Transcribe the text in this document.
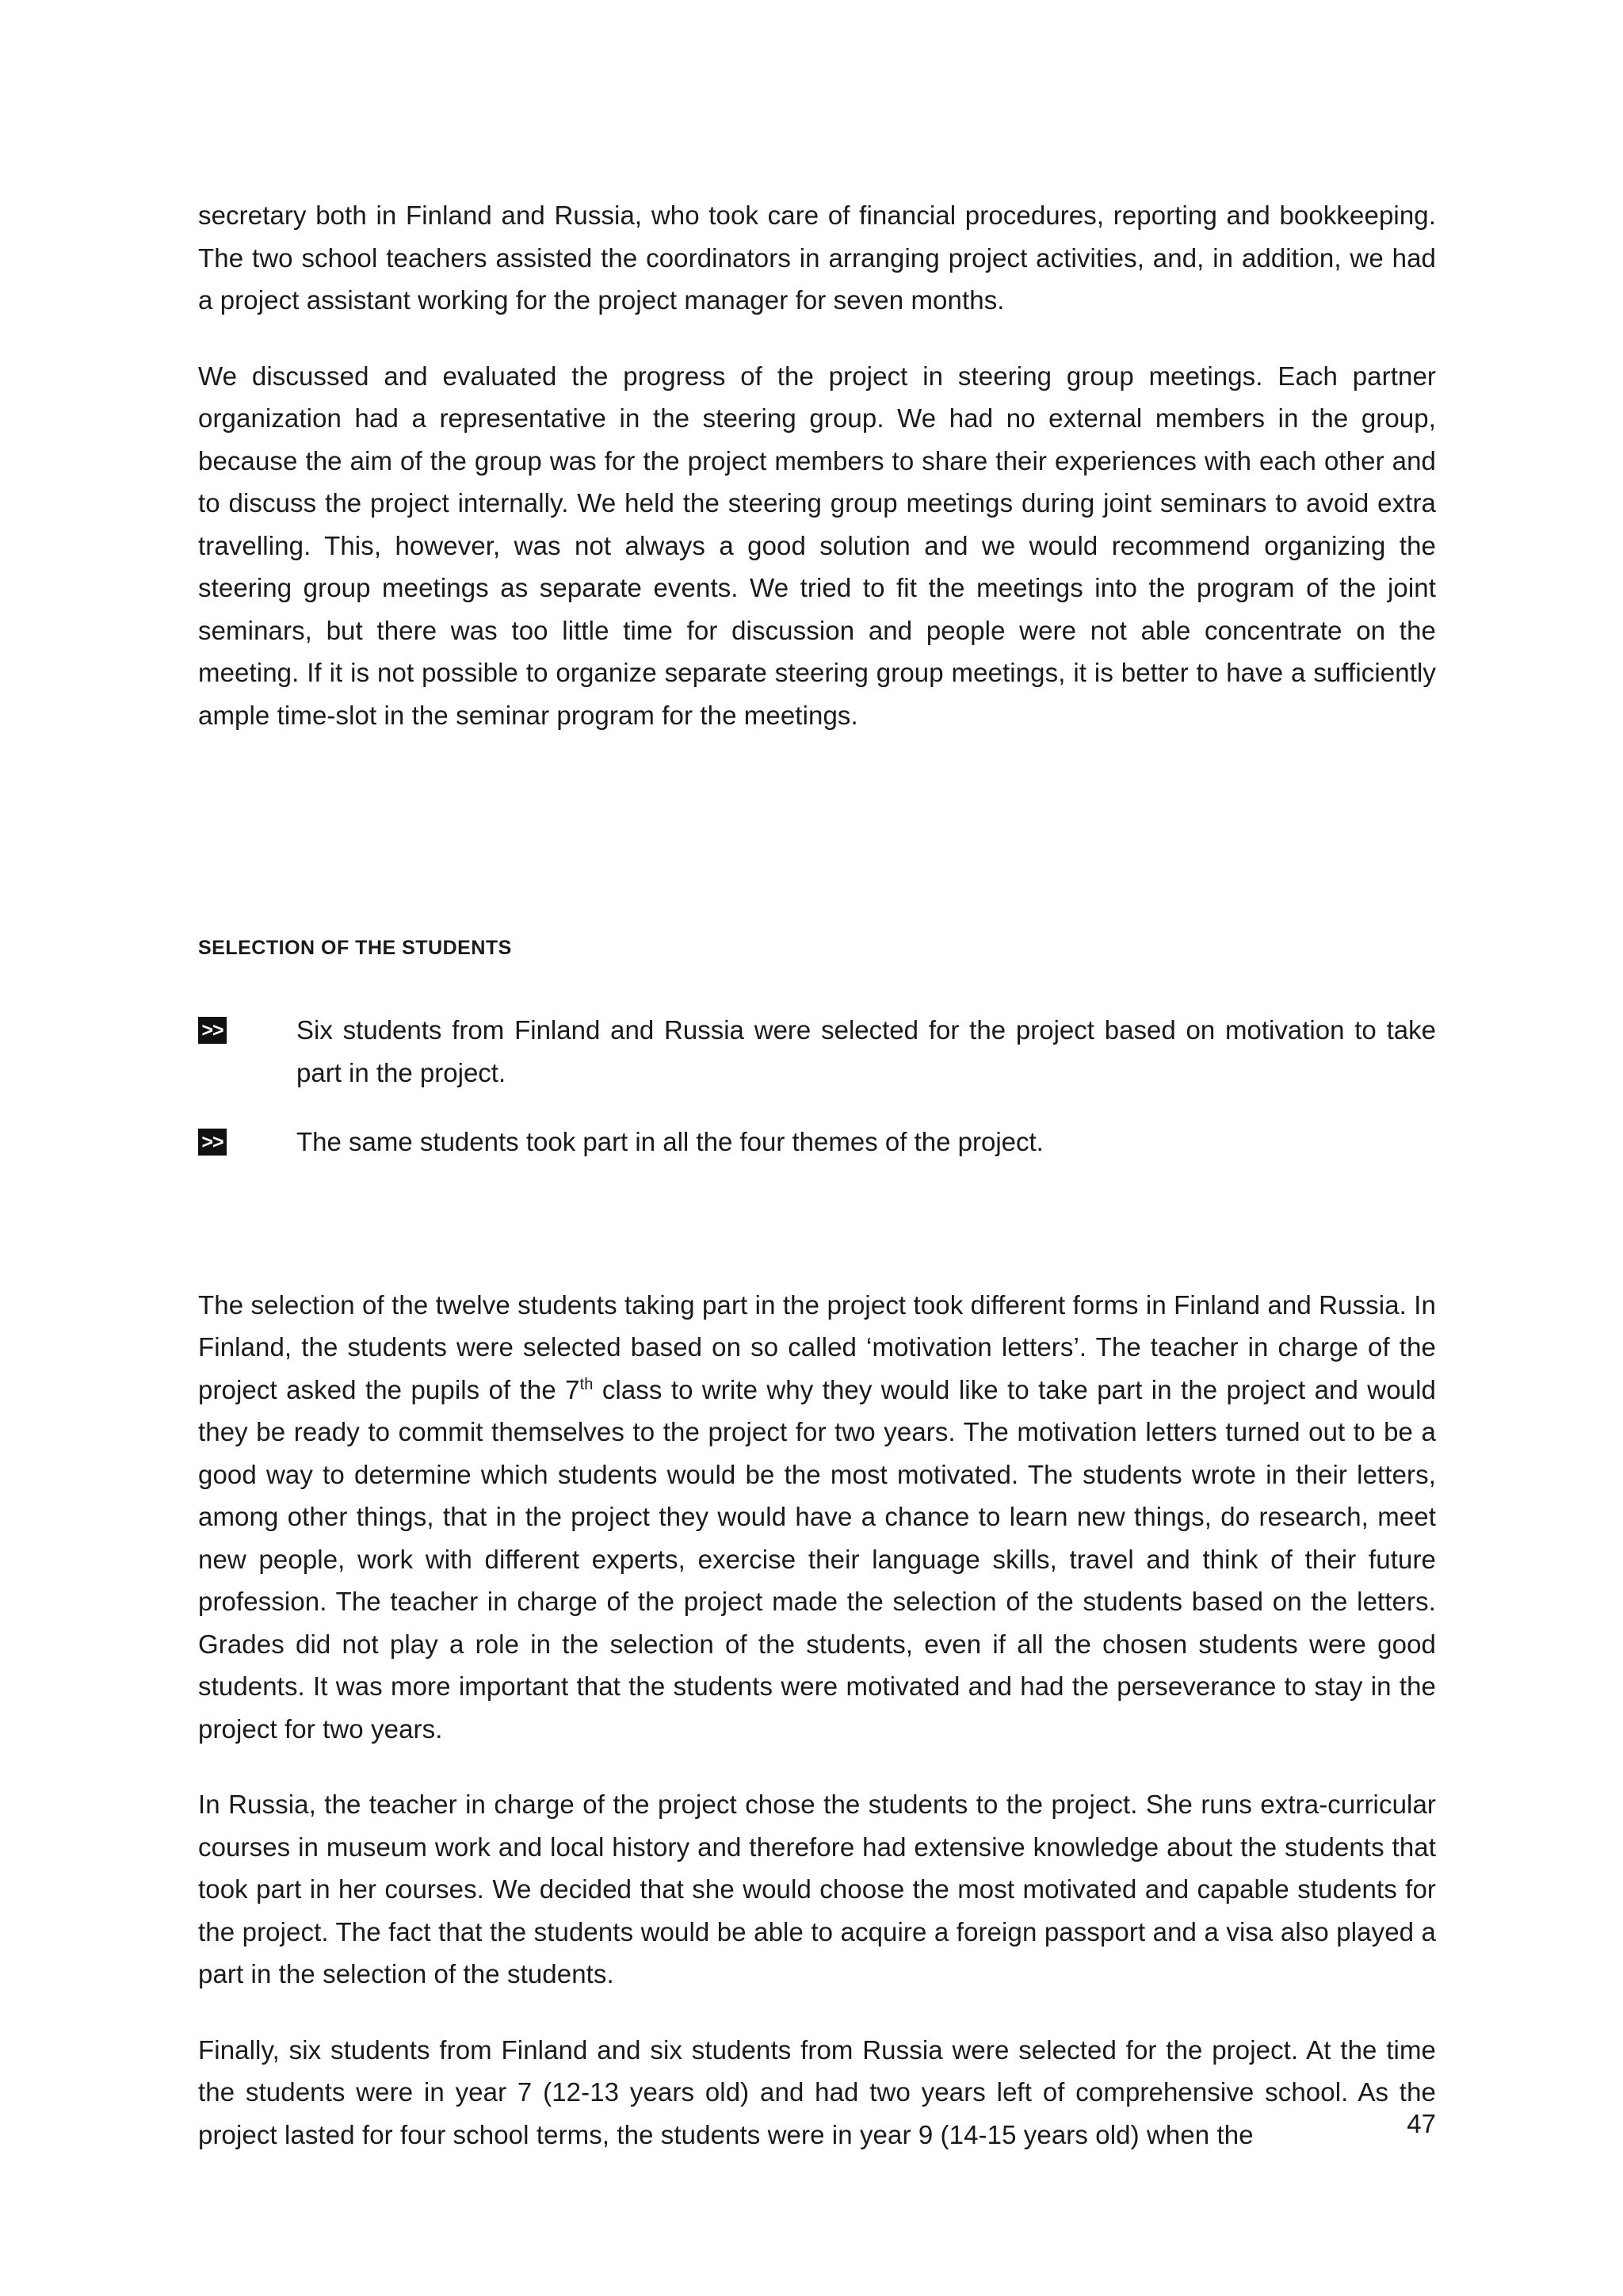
secretary both in Finland and Russia, who took care of financial procedures, reporting and bookkeeping. The two school teachers assisted the coordinators in arranging project activities, and, in addition, we had a project assistant working for the project manager for seven months.

We discussed and evaluated the progress of the project in steering group meetings. Each partner organization had a representative in the steering group. We had no external members in the group, because the aim of the group was for the project members to share their experiences with each other and to discuss the project internally. We held the steering group meetings during joint seminars to avoid extra travelling. This, however, was not always a good solution and we would recommend organizing the steering group meetings as separate events. We tried to fit the meetings into the program of the joint seminars, but there was too little time for discussion and people were not able concentrate on the meeting. If it is not possible to organize separate steering group meetings, it is better to have a sufficiently ample time-slot in the seminar program for the meetings.

SELECTION OF THE STUDENTS
>>	Six students from Finland and Russia were selected for the project based on motivation to take part in the project.

>>	The same students took part in all the four themes of the project.

The selection of the twelve students taking part in the project took different forms in Finland and Russia. In Finland, the students were selected based on so called ‘motivation letters’. The teacher in charge of the project asked the pupils of the 7th class to write why they would like to take part in the project and would they be ready to commit themselves to the project for two years. The motivation letters turned out to be a good way to determine which students would be the most motivated. The students wrote in their letters, among other things, that in the project they would have a chance to learn new things, do research, meet new people, work with different experts, exercise their language skills, travel and think of their future profession. The teacher in charge of the project made the selection of the students based on the letters. Grades did not play a role in the selection of the students, even if all the chosen students were good students. It was more important that the students were motivated and had the perseverance to stay in the project for two years.

In Russia, the teacher in charge of the project chose the students to the project. She runs extra-curricular courses in museum work and local history and therefore had extensive knowledge about the students that took part in her courses. We decided that she would choose the most motivated and capable students for the project. The fact that the students would be able to acquire a foreign passport and a visa also played a part in the selection of the students.

Finally, six students from Finland and six students from Russia were selected for the project. At the time the students were in year 7 (12-13 years old) and had two years left of comprehensive school. As the project lasted for four school terms, the students were in year 9 (14-15 years old) when the	47
